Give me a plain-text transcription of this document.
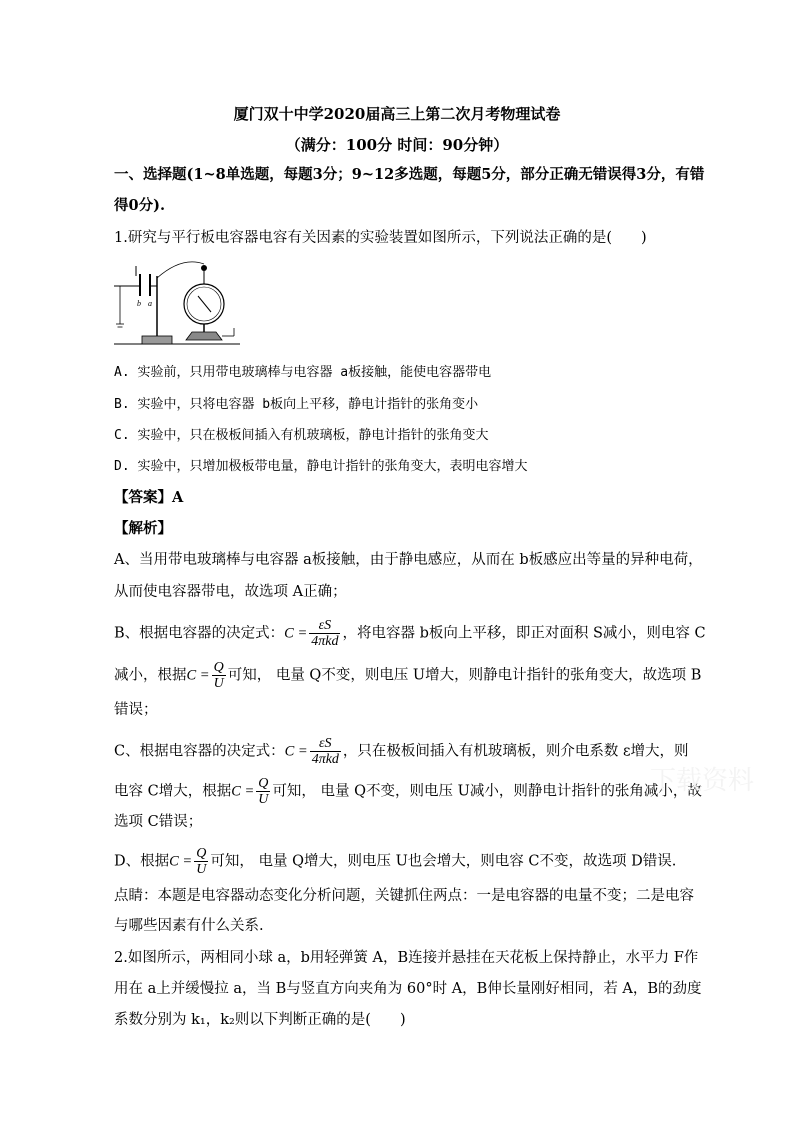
厦门双十中学2020届高三上第二次月考物理试卷
（满分：100分 时间：90分钟）
一、选择题(1~8单选题，每题3分；9~12多选题，每题5分，部分正确无错误得3分，有错
得0分).
1.研究与平行板电容器电容有关因素的实验装置如图所示，下列说法正确的是(　　)
b a
A. 实验前，只用带电玻璃棒与电容器 a板接触，能使电容器带电
B. 实验中，只将电容器 b板向上平移，静电计指针的张角变小
C. 实验中，只在极板间插入有机玻璃板，静电计指针的张角变大
D. 实验中，只增加极板带电量，静电计指针的张角变大，表明电容增大
【答案】A
【解析】
A、当用带电玻璃棒与电容器 a板接触，由于静电感应，从而在 b板感应出等量的异种电荷，
从而使电容器带电，故选项 A正确；
B、根据电容器的决定式：$C = \frac{\varepsilon S}{\text{4πkd}}$ ，将电容器 b板向上平移，即正对面积 S减小，则电容 C
减小，根据$C = \frac{Q}{U}$ 可知， 电量 Q不变，则电压 U增大，则静电计指针的张角变大，故选项 B
错误；
C、根据电容器的决定式：$C = \frac{\varepsilon S}{\text{4πkd}}$ ，只在极板间插入有机玻璃板，则介电系数 ε增大，则
电容 C增大，根据$C = \frac{Q}{U}$ 可知， 电量 Q不变，则电压 U减小，则静电计指针的张角减小，故
选项 C错误；
D、根据$C = \frac{Q}{U}$ 可知， 电量 Q增大，则电压 U也会增大，则电容 C不变，故选项 D错误.
点睛：本题是电容器动态变化分析问题，关键抓住两点：一是电容器的电量不变；二是电容
与哪些因素有什么关系.
2.如图所示，两相同小球 a，b用轻弹簧 A，B连接并悬挂在天花板上保持静止，水平力 F作
用在 a上并缓慢拉 a，当 B与竖直方向夹角为 60°时 A，B伸长量刚好相同，若 A，B的劲度
系数分别为 k₁，k₂则以下判断正确的是(　　)
下载资料
